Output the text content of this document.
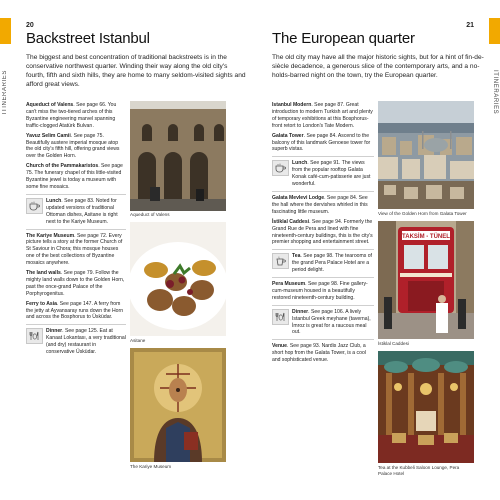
ITINERARIES
20
Backstreet Istanbul

The biggest and best concentration of traditional backstreets is in the conservative northwest quarter. Winding their way along the old city's fourth, fifth and sixth hills, they are home to many seldom-visited sights and afford great views.

Aqueduct of Valens. See page 66. You can't miss the two-tiered arches of this Byzantine engineering marvel spanning traffic-clogged Atatürk Bulvarı.

Yavuz Selim Camii. See page 75. Beautifully austere imperial mosque atop the old city's fifth hill, offering grand views over the Golden Horn.

Church of the Pammakaristos. See page 75. The funerary chapel of this little-visited Byzantine jewel is today a museum with some fine mosaics.

Lunch. See page 83. Noted for updated versions of traditional Ottoman dishes, Asitane is right next to the Kariye Museum.

The Kariye Museum. See page 72. Every picture tells a story at the former Church of St Saviour in Chora; this mosque houses one of the best collections of Byzantine mosaics anywhere.

The land walls. See page 79. Follow the mighty land walls down to the Golden Horn, past the once-grand Palace of the Porphyrogenitus.

Ferry to Asia. See page 147. A ferry from the jetty at Ayvansaray runs down the Horn and across the Bosphorus to Üsküdar.

Dinner. See page 125. Eat at Kanaat Lokantası, a very traditional (and dry) restaurant in conservative Üsküdar.
Aqueduct of Valens
Asitane
The Kariye Museum
ITINERARIES
21
The European quarter

The old city may have all the major historic sights, but for a hint of fin-de-siècle decadence, a generous slice of the contemporary arts, and a no-holds-barred night on the town, try the European quarter.

Istanbul Modern. See page 87. Great introduction to modern Turkish art and plenty of temporary exhibitions at this Bosphorus-front retort to London's Tate Modern.

Galata Tower. See page 84. Ascend to the balcony of this landmark Genoese tower for superb vistas.

Lunch. See page 91. The views from the popular rooftop Galata Konak café-cum-patisserie are just wonderful.

Galata Mevlevi Lodge. See page 84. See the hall where the dervishes whirled in this fascinating little museum.

İstiklal Caddesi. See page 94. Formerly the Grand Rue de Pera and lined with fine nineteenth-century buildings, this is the city's premier shopping and entertainment street.

Tea. See page 98. The tearooms of the grand Pera Palace Hotel are a period delight.

Pera Museum. See page 98. Fine gallery-cum-museum housed in a beautifully restored nineteenth-century building.

Dinner. See page 106. A lively Istanbul Greek meyhane (taverna), İmroz is great for a raucous meal out.

Venue. See page 93. Nardis Jazz Club, a short hop from the Galata Tower, is a cool and sophisticated venue.

View of the Golden Horn from Galata Tower
TAKSİM - TÜNEL
İstiklal Caddesi
Tea at the Kubbeli Saloon Lounge, Pera Palace Hotel
